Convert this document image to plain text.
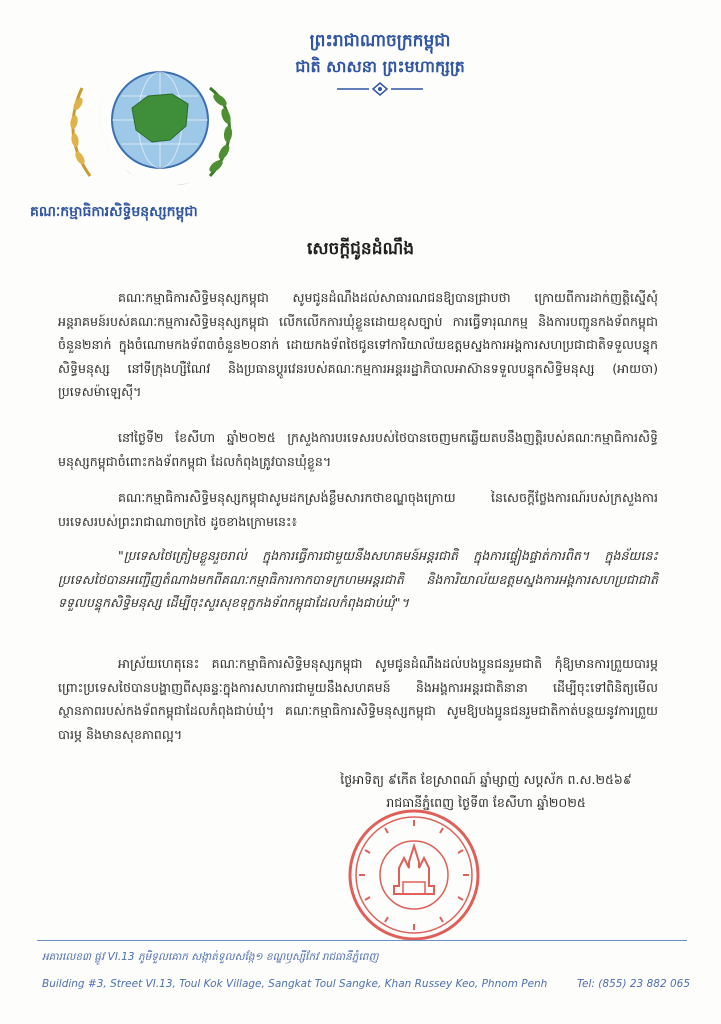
គណៈកម្មាធិការសិទ្ធិមនុស្សកម្ពុជា
ព្រះរាជាណាចក្រកម្ពុជា
ជាតិ សាសនា ព្រះមហាក្សត្រ
សេចក្តីជូនដំណឹង
គណៈកម្មាធិការសិទ្ធិមនុស្សកម្ពុជា សូមជូនដំណឹងដល់សាធារណជនឱ្យបានជ្រាបថា ក្រោយពីការដាក់ញត្តិស្នើសុំអន្តរាគមន៍របស់គណៈកម្មការសិទ្ធិមនុស្សកម្ពុជា លើកលើកការឃុំខ្លួនដោយខុសច្បាប់ ការធ្វើទារុណកម្ម និងការបញ្ជូនកងទ័ពកម្ពុជាចំនួន២នាក់ ក្នុងចំណោមកងទ័ព៣ចំនួន២០នាក់ ដោយកងទ័ពថៃជូនទៅការិយាល័យឧត្តមស្នងការអង្គការសហប្រជាជាតិទទួលបន្ទុកសិទ្ធិមនុស្ស នៅទីក្រុងហ្សឺណែវ និងប្រធានប្តូរវេនរបស់គណៈកម្មការអន្តររដ្ឋាភិបាលអាស៊ានទទួលបន្ទុកសិទ្ធិមនុស្ស (អាយចា) ប្រទេសម៉ាឡេស៊ី។
នៅថ្ងៃទី២ ខែសីហា ឆ្នាំ២០២៥ ក្រសួងការបរទេសរបស់ថៃបានចេញមកឆ្លើយតបនឹងញត្តិរបស់គណៈកម្មាធិការសិទ្ធិមនុស្សកម្ពុជាចំពោះកងទ័ពកម្ពុជា ដែលកំពុងត្រូវបានឃុំខ្លួន។
គណៈកម្មាធិការសិទ្ធិមនុស្សកម្ពុជាសូមដកស្រង់ខ្លឹមសារកថាខណ្ឌចុងក្រោយ នៃសេចក្តីថ្លែងការណ៍របស់ក្រសួងការបរទេសរបស់ព្រះរាជាណាចក្រថៃ ដូចខាងក្រោមនេះ៖
"ប្រទេសថៃត្រៀមខ្លួនរួចរាល់ ក្នុងការធ្វើការជាមួយនឹងសហគមន៍អន្តរជាតិ ក្នុងការផ្ទៀងផ្ទាត់ការពិត។ ក្នុងន័យនេះ ប្រទេសថៃបានអញ្ជើញតំណាងមកពីគណៈកម្មាធិការកាកបាទក្រហមអន្តរជាតិ និងការិយាល័យឧត្តមស្នងការអង្គការសហប្រជាជាតិទទួលបន្ទុកសិទ្ធិមនុស្ស ដើម្បីចុះសួរសុខទុក្ខកងទ័ពកម្ពុជាដែលកំពុងជាប់ឃុំ"។
អាស្រ័យហេតុនេះ គណៈកម្មាធិការសិទ្ធិមនុស្សកម្ពុជា សូមជូនដំណឹងដល់បងប្អូនជនរួមជាតិ កុំឱ្យមានការព្រួយបារម្ភ ព្រោះប្រទេសថៃបានបង្ហាញពីសុឆន្ទៈក្នុងការសហការជាមួយនឹងសហគមន៍ និងអង្គការអន្តរជាតិនានា ដើម្បីចុះទៅពិនិត្យមើលស្ថានភាពរបស់កងទ័ពកម្ពុជាដែលកំពុងជាប់ឃុំ។ គណៈកម្មាធិការសិទ្ធិមនុស្សកម្ពុជា សូមឱ្យបងប្អូនជនរួមជាតិកាត់បន្ថយនូវការព្រួយបារម្ភ និងមានសុខភាពល្អ។
ថ្ងៃអាទិត្យ ៩កើត ខែស្រាពណ៍ ឆ្នាំម្សាញ់ សប្តស័ក ព.ស.២៥៦៩
រាជធានីភ្នំពេញ ថ្ងៃទី៣ ខែសីហា ឆ្នាំ២០២៥
អគារលេខ៣ ផ្លូវ VI.13 ភូមិទួលគោក សង្កាត់ទួលសង្កែ១ ខណ្ឌឫស្សីកែវ រាជធានីភ្នំពេញ
Building #3, Street VI.13, Toul Kok Village, Sangkat Toul Sangke, Khan Russey Keo, Phnom Penh	Tel: (855) 23 882 065
